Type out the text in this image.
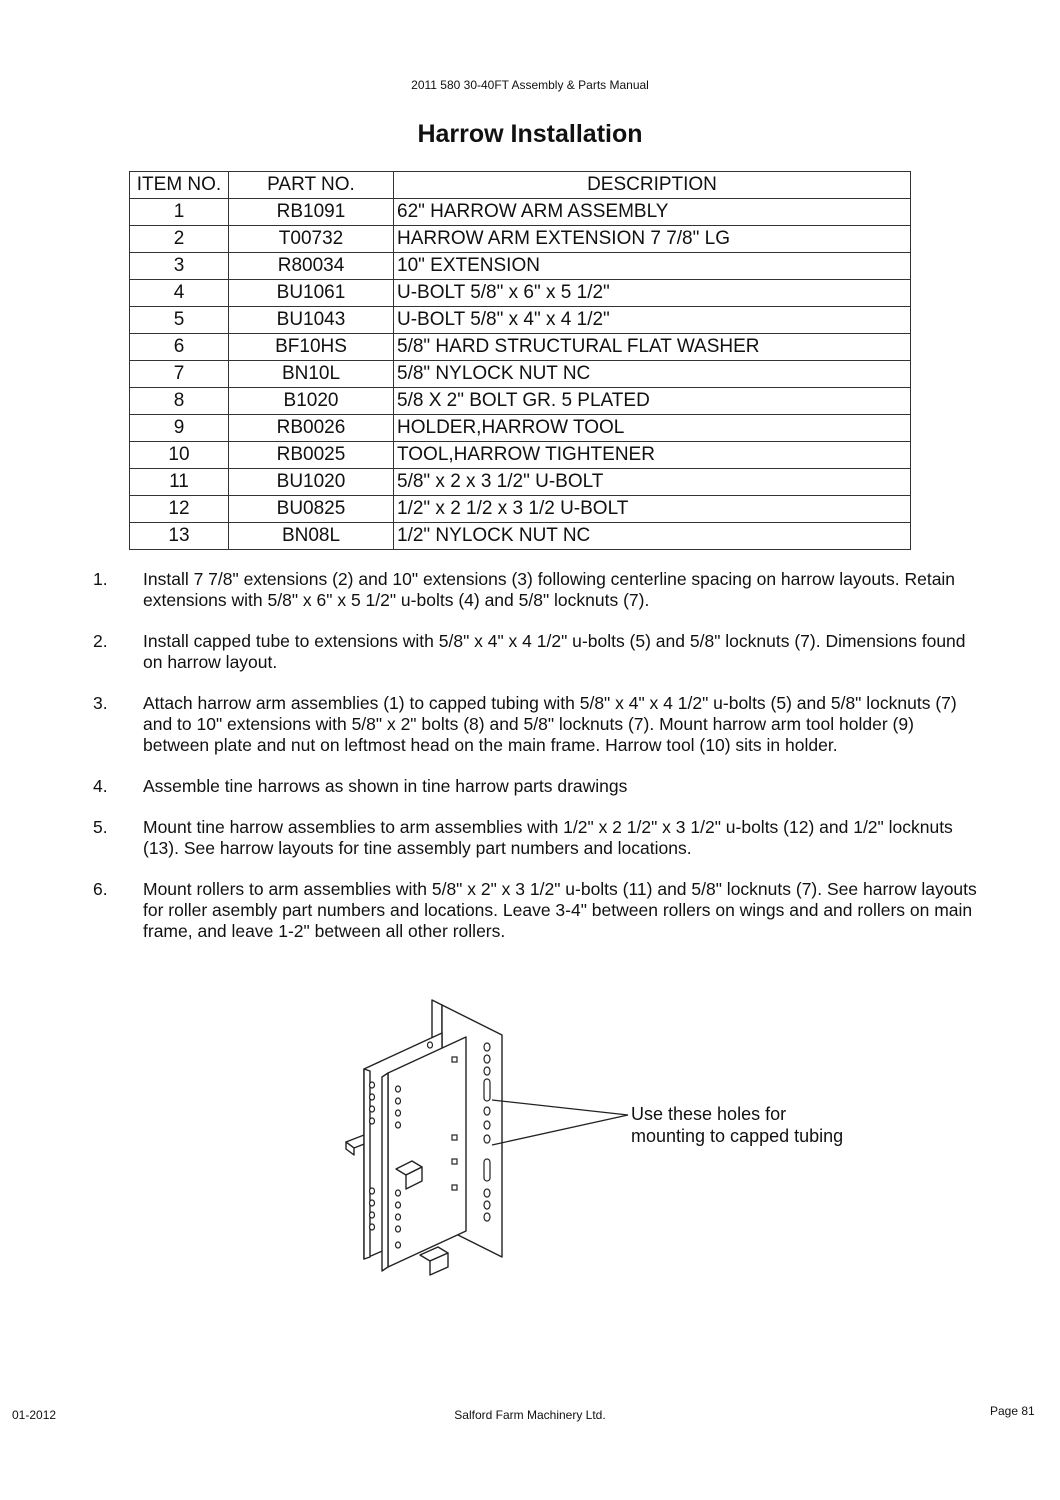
2011 580 30-40FT Assembly & Parts Manual
Harrow Installation
ITEM NO.	PART NO.	DESCRIPTION
1	RB1091	62" HARROW ARM ASSEMBLY
2	T00732	HARROW ARM EXTENSION 7 7/8" LG
3	R80034	10" EXTENSION
4	BU1061	U-BOLT 5/8" x 6" x 5 1/2"
5	BU1043	U-BOLT 5/8" x 4" x 4 1/2"
6	BF10HS	5/8" HARD STRUCTURAL FLAT WASHER
7	BN10L	5/8" NYLOCK NUT NC
8	B1020	5/8 X 2" BOLT GR. 5 PLATED
9	RB0026	HOLDER,HARROW TOOL
10	RB0025	TOOL,HARROW TIGHTENER
11	BU1020	5/8" x 2 x 3 1/2" U-BOLT
12	BU0825	1/2" x 2 1/2 x 3 1/2 U-BOLT
13	BN08L	1/2" NYLOCK NUT NC
1.	Install 7 7/8" extensions (2) and 10" extensions (3) following centerline spacing on harrow layouts. Retain extensions with 5/8" x 6" x 5 1/2" u-bolts (4) and 5/8" locknuts (7).
2.	Install capped tube to extensions with 5/8" x 4" x 4 1/2" u-bolts (5) and 5/8" locknuts (7). Dimensions found on harrow layout.
3.	Attach harrow arm assemblies (1) to capped tubing with 5/8" x 4" x 4 1/2" u-bolts (5) and 5/8" locknuts (7) and to 10" extensions with 5/8" x 2" bolts (8) and 5/8" locknuts (7). Mount harrow arm tool holder (9) between plate and nut on leftmost head on the main frame. Harrow tool (10) sits in holder.
4.	Assemble tine harrows as shown in tine harrow parts drawings
5.	Mount tine harrow assemblies to arm assemblies with 1/2" x 2 1/2" x 3 1/2" u-bolts (12) and 1/2" locknuts (13). See harrow layouts for tine assembly part numbers and locations.
6.	Mount rollers to arm assemblies with 5/8" x 2" x 3 1/2" u-bolts (11) and 5/8" locknuts (7). See harrow layouts for roller asembly part numbers and locations. Leave 3-4" between rollers on wings and and rollers on main frame, and leave 1-2" between all other rollers.
Use these holes for
mounting to capped tubing
01-2012	Salford Farm Machinery Ltd.	Page 81
